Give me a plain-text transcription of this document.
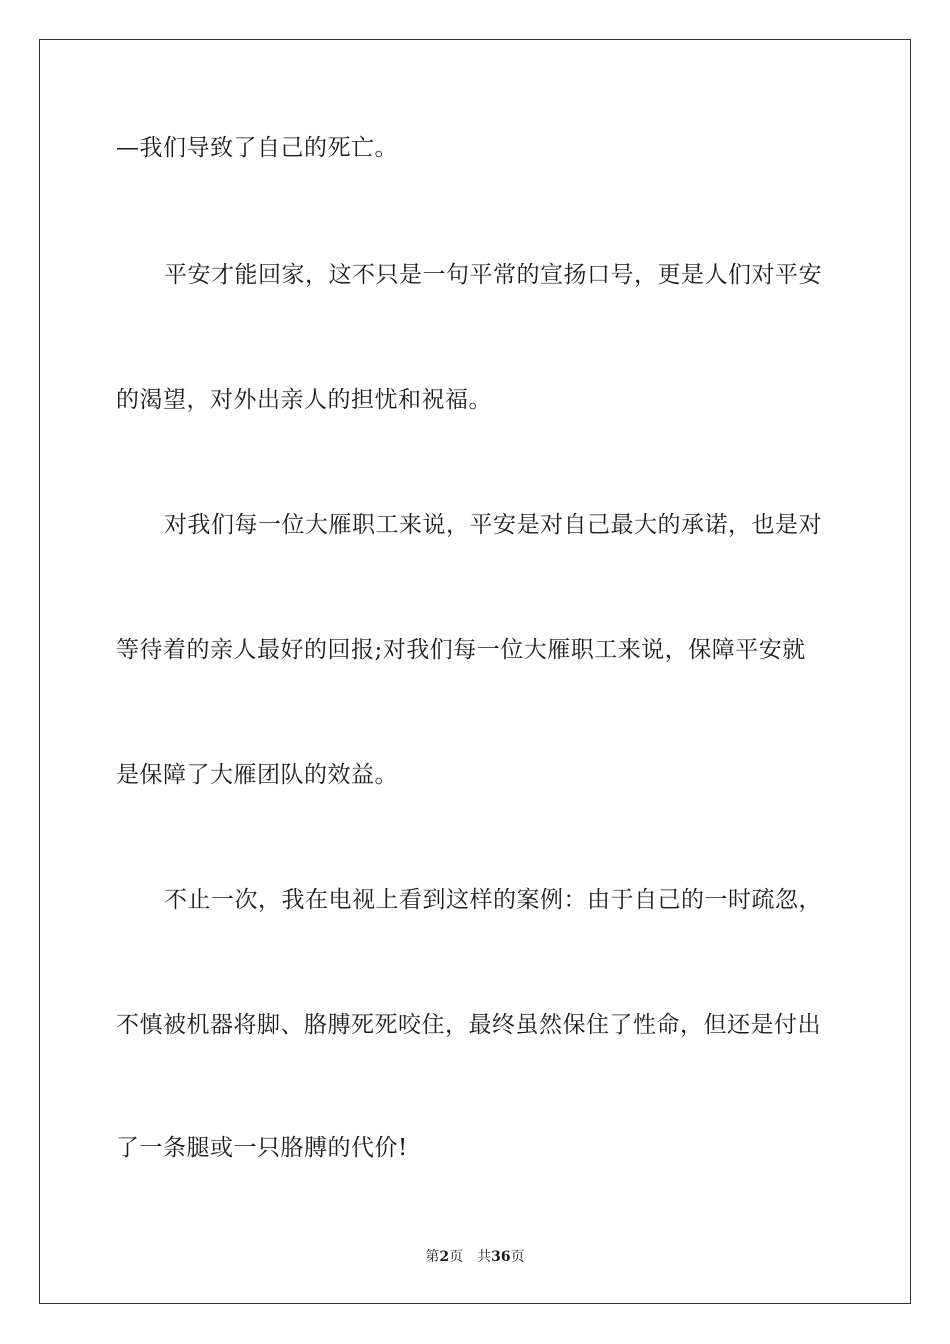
—我们导致了自己的死亡。
平安才能回家，这不只是一句平常的宣扬口号，更是人们对平安
的渴望，对外出亲人的担忧和祝福。
对我们每一位大雁职工来说，平安是对自己最大的承诺，也是对
等待着的亲人最好的回报;对我们每一位大雁职工来说，保障平安就
是保障了大雁团队的效益。
不止一次，我在电视上看到这样的案例：由于自己的一时疏忽，
不慎被机器将脚、胳膊死死咬住，最终虽然保住了性命，但还是付出
了一条腿或一只胳膊的代价!
第2页 共36页
